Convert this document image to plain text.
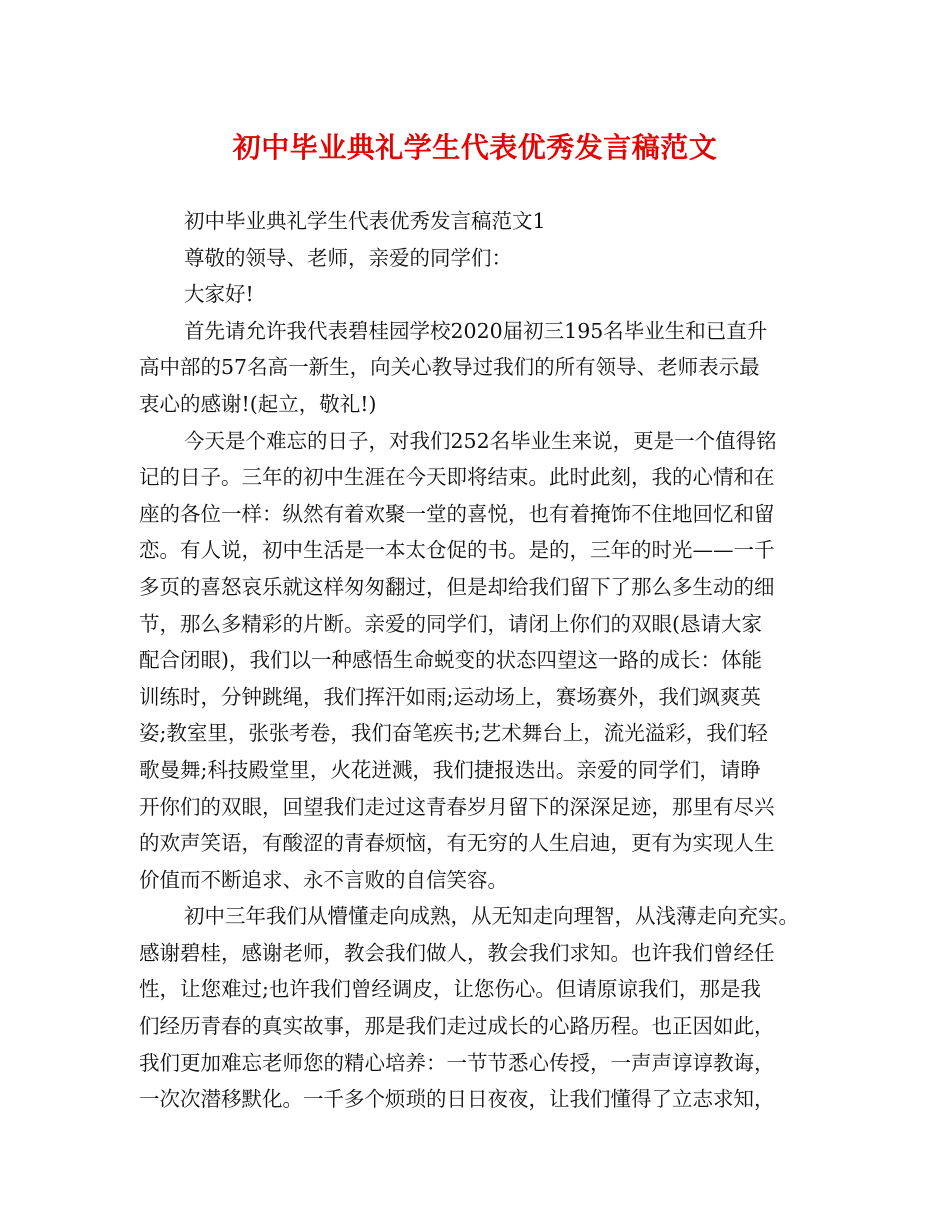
初中毕业典礼学生代表优秀发言稿范文
初中毕业典礼学生代表优秀发言稿范文1
尊敬的领导、老师，亲爱的同学们：
大家好!
首先请允许我代表碧桂园学校2020届初三195名毕业生和已直升
高中部的57名高一新生，向关心教导过我们的所有领导、老师表示最
衷心的感谢!(起立，敬礼!)
今天是个难忘的日子，对我们252名毕业生来说，更是一个值得铭
记的日子。三年的初中生涯在今天即将结束。此时此刻，我的心情和在
座的各位一样：纵然有着欢聚一堂的喜悦，也有着掩饰不住地回忆和留
恋。有人说，初中生活是一本太仓促的书。是的，三年的时光——一千
多页的喜怒哀乐就这样匆匆翻过，但是却给我们留下了那么多生动的细
节，那么多精彩的片断。亲爱的同学们，请闭上你们的双眼(恳请大家
配合闭眼)，我们以一种感悟生命蜕变的状态四望这一路的成长：体能
训练时，分钟跳绳，我们挥汗如雨;运动场上，赛场赛外，我们飒爽英
姿;教室里，张张考卷，我们奋笔疾书;艺术舞台上，流光溢彩，我们轻
歌曼舞;科技殿堂里，火花迸溅，我们捷报迭出。亲爱的同学们，请睁
开你们的双眼，回望我们走过这青春岁月留下的深深足迹，那里有尽兴
的欢声笑语，有酸涩的青春烦恼，有无穷的人生启迪，更有为实现人生
价值而不断追求、永不言败的自信笑容。
初中三年我们从懵懂走向成熟，从无知走向理智，从浅薄走向充实。
感谢碧桂，感谢老师，教会我们做人，教会我们求知。也许我们曾经任
性，让您难过;也许我们曾经调皮，让您伤心。但请原谅我们，那是我
们经历青春的真实故事，那是我们走过成长的心路历程。也正因如此，
我们更加难忘老师您的精心培养：一节节悉心传授，一声声谆谆教诲，
一次次潜移默化。一千多个烦琐的日日夜夜，让我们懂得了立志求知，
